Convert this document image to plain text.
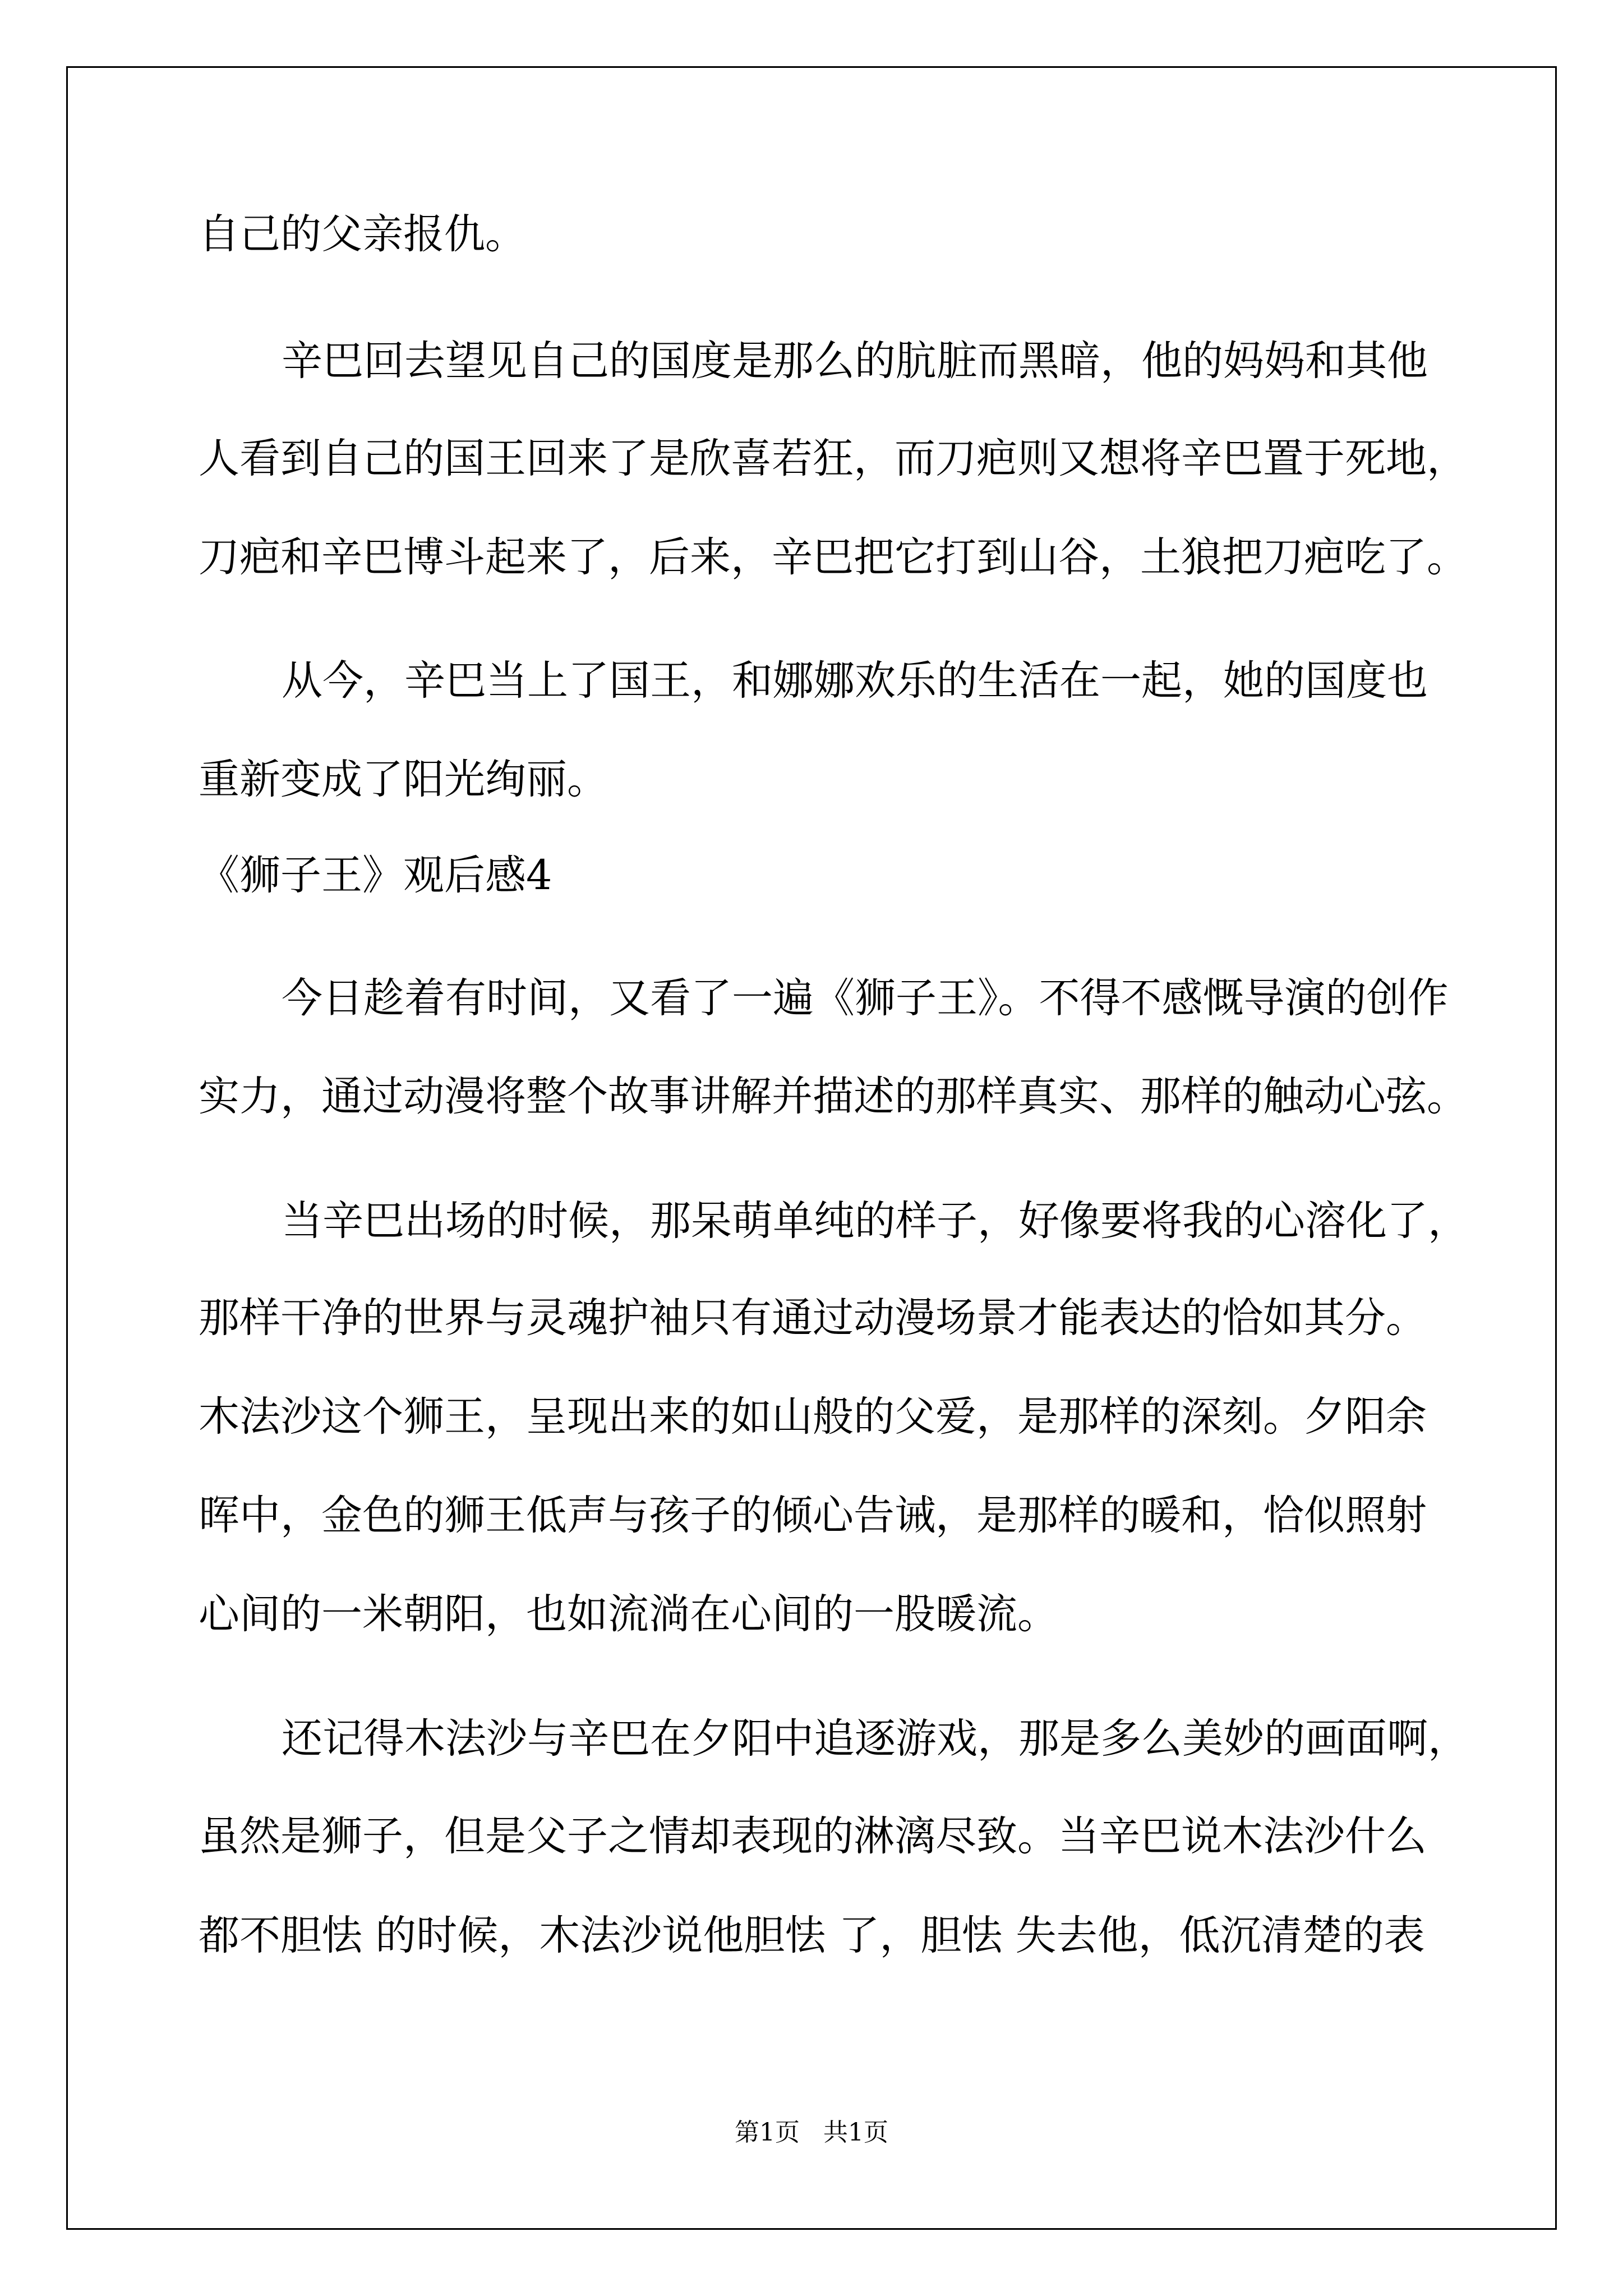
自己的父亲报仇。
辛巴回去望见自己的国度是那么的肮脏而黑暗，他的妈妈和其他
人看到自己的国王回来了是欣喜若狂，而刀疤则又想将辛巴置于死地，
刀疤和辛巴博斗起来了，后来，辛巴把它打到山谷，土狼把刀疤吃了。
从今，辛巴当上了国王，和娜娜欢乐的生活在一起，她的国度也
重新变成了阳光绚丽。
《狮子王》观后感4
今日趁着有时间，又看了一遍《狮子王》。不得不感慨导演的创作
实力，通过动漫将整个故事讲解并描述的那样真实、那样的触动心弦。
当辛巴出场的时候，那呆萌单纯的样子，好像要将我的心溶化了，
那样干净的世界与灵魂护袖只有通过动漫场景才能表达的恰如其分。
木法沙这个狮王，呈现出来的如山般的父爱，是那样的深刻。夕阳余
晖中，金色的狮王低声与孩子的倾心告诫，是那样的暖和，恰似照射
心间的一米朝阳，也如流淌在心间的一股暖流。
还记得木法沙与辛巴在夕阳中追逐游戏，那是多么美妙的画面啊，
虽然是狮子，但是父子之情却表现的淋漓尽致。当辛巴说木法沙什么
都不胆怯 的时候，木法沙说他胆怯 了，胆怯 失去他，低沉清楚的表
第1页   共1页
